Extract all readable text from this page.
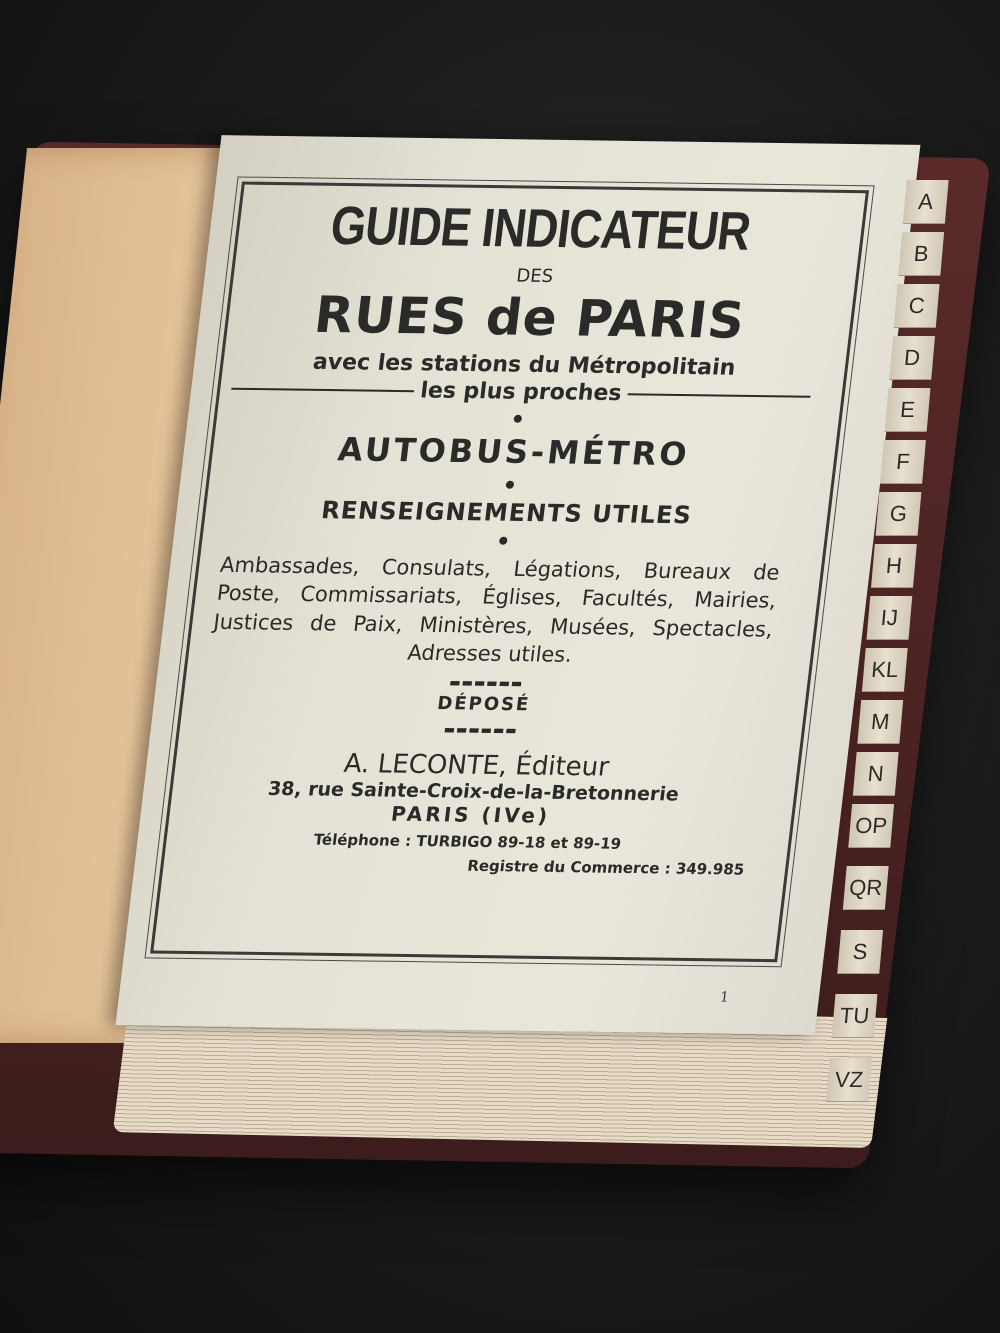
GUIDE INDICATEUR
DES
RUES de PARIS
avec les stations du Métropolitain
les plus proches
AUTOBUS-MÉTRO
RENSEIGNEMENTS UTILES
Ambassades, Consulats, Légations, Bureaux de Poste, Commissariats, Églises, Facultés, Mairies, Justices de Paix, Ministères, Musées, Spectacles, Adresses utiles.
▬▬▬▬▬▬
DÉPOSÉ
▬▬▬▬▬▬
A. LECONTE, Éditeur
38, rue Sainte-Croix-de-la-Bretonnerie
PARIS (IVe)
Téléphone : TURBIGO 89-18 et 89-19
Registre du Commerce : 349.985
1
A
B
C
D
E
F
G
H
IJ
KL
M
N
OP
QR
S
TU
VZ
